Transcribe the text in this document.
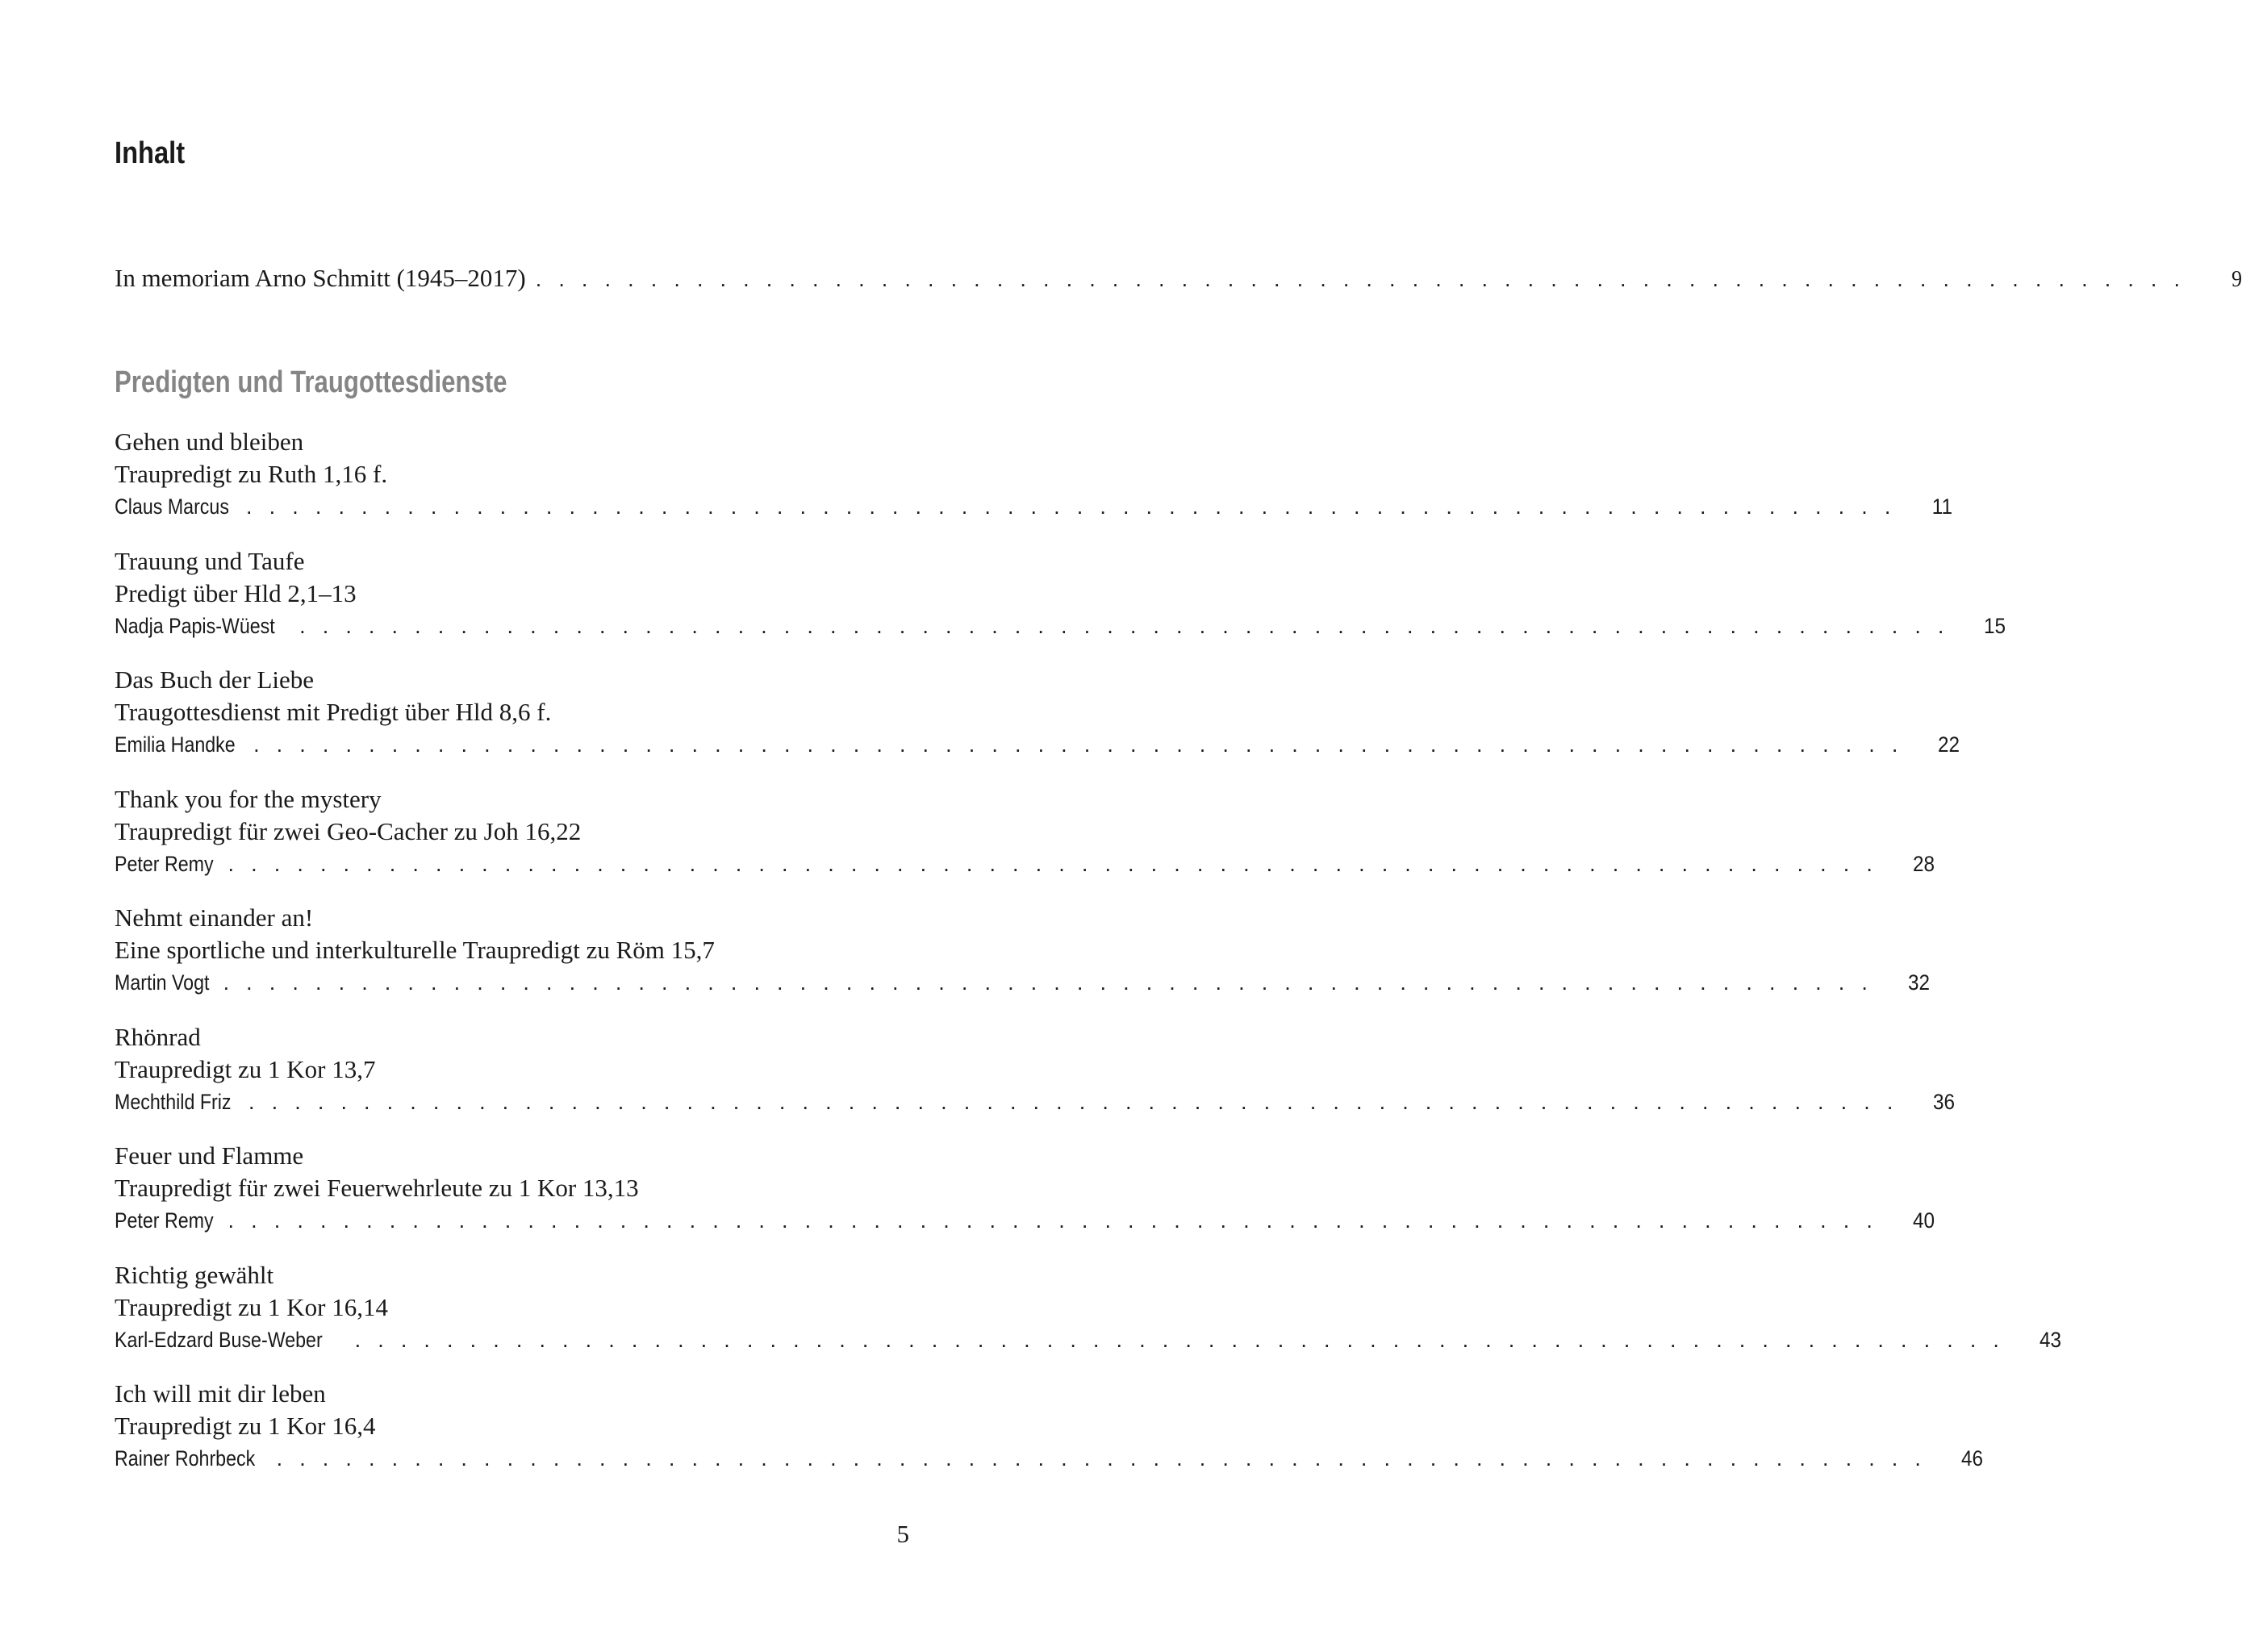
Inhalt
In memoriam Arno Schmitt (1945–2017) . . . . . . . . . . . . . . . . . . . . . . . . . . . . . . . . . . . . . . . . . . . . . . . . . . . . . . . . . . . . . . . . . . . . . . . .	9
Predigten und Traugottesdienste
Gehen und bleiben
Traupredigt zu Ruth 1,16 f.
Claus Marcus . . . . . . . . . . . . . . . . . . . . . . . . . . . . . . . . . . . . . . . . . . . . . . . . . . . . . . . . . . . . . . . . . . . . . . . . 11
Trauung und Taufe
Predigt über Hld 2,1–13
Nadja Papis-Wüest . . . . . . . . . . . . . . . . . . . . . . . . . . . . . . . . . . . . . . . . . . . . . . . . . . . . . . . . . . . . . . . . . . . . . . . . 15
Das Buch der Liebe
Traugottesdienst mit Predigt über Hld 8,6 f.
Emilia Handke . . . . . . . . . . . . . . . . . . . . . . . . . . . . . . . . . . . . . . . . . . . . . . . . . . . . . . . . . . . . . . . . . . . . . . . . 22
Thank you for the mystery
Traupredigt für zwei Geo-Cacher zu Joh 16,22
Peter Remy . . . . . . . . . . . . . . . . . . . . . . . . . . . . . . . . . . . . . . . . . . . . . . . . . . . . . . . . . . . . . . . . . . . . . . . . 28
Nehmt einander an!
Eine sportliche und interkulturelle Traupredigt zu Röm 15,7
Martin Vogt . . . . . . . . . . . . . . . . . . . . . . . . . . . . . . . . . . . . . . . . . . . . . . . . . . . . . . . . . . . . . . . . . . . . . . . . 32
Rhönrad
Traupredigt zu 1 Kor 13,7
Mechthild Friz . . . . . . . . . . . . . . . . . . . . . . . . . . . . . . . . . . . . . . . . . . . . . . . . . . . . . . . . . . . . . . . . . . . . . . . . 36
Feuer und Flamme
Traupredigt für zwei Feuerwehrleute zu 1 Kor 13,13
Peter Remy . . . . . . . . . . . . . . . . . . . . . . . . . . . . . . . . . . . . . . . . . . . . . . . . . . . . . . . . . . . . . . . . . . . . . . . . 40
Richtig gewählt
Traupredigt zu 1 Kor 16,14
Karl-Edzard Buse-Weber . . . . . . . . . . . . . . . . . . . . . . . . . . . . . . . . . . . . . . . . . . . . . . . . . . . . . . . . . . . . . . . . . . . . . . . . 43
Ich will mit dir leben
Traupredigt zu 1 Kor 16,4
Rainer Rohrbeck . . . . . . . . . . . . . . . . . . . . . . . . . . . . . . . . . . . . . . . . . . . . . . . . . . . . . . . . . . . . . . . . . . . . . . . . 46
5
